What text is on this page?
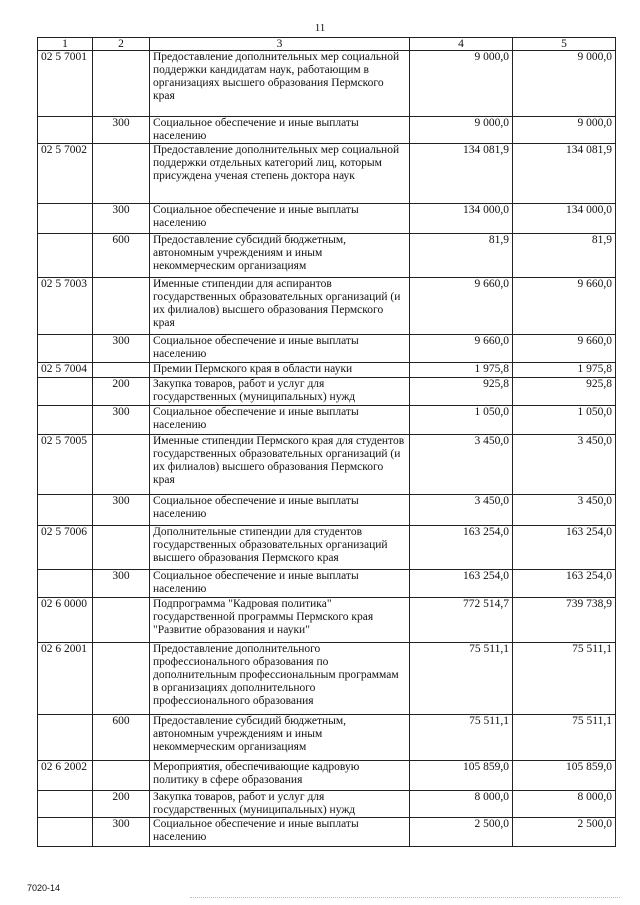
11
1	2	3	4	5
02 5 7001		Предоставление дополнительных мер социальной поддержки кандидатам наук, работающим в организациях высшего образования Пермского края	9 000,0	9 000,0
	300	Социальное обеспечение и иные выплаты населению	9 000,0	9 000,0
02 5 7002		Предоставление дополнительных мер социальной поддержки отдельных категорий лиц, которым присуждена ученая степень доктора наук	134 081,9	134 081,9
	300	Социальное обеспечение и иные выплаты населению	134 000,0	134 000,0
	600	Предоставление субсидий бюджетным, автономным учреждениям и иным некоммерческим организациям	81,9	81,9
02 5 7003		Именные стипендии для аспирантов государственных образовательных организаций (и их филиалов) высшего образования Пермского края	9 660,0	9 660,0
	300	Социальное обеспечение и иные выплаты населению	9 660,0	9 660,0
02 5 7004		Премии Пермского края в области науки	1 975,8	1 975,8
	200	Закупка товаров, работ и услуг для государственных (муниципальных) нужд	925,8	925,8
	300	Социальное обеспечение и иные выплаты населению	1 050,0	1 050,0
02 5 7005		Именные стипендии Пермского края для студентов государственных образовательных организаций (и их филиалов) высшего образования Пермского края	3 450,0	3 450,0
	300	Социальное обеспечение и иные выплаты населению	3 450,0	3 450,0
02 5 7006		Дополнительные стипендии для студентов государственных образовательных организаций высшего образования Пермского края	163 254,0	163 254,0
	300	Социальное обеспечение и иные выплаты населению	163 254,0	163 254,0
02 6 0000		Подпрограмма "Кадровая политика" государственной программы Пермского края "Развитие образования и науки"	772 514,7	739 738,9
02 6 2001		Предоставление дополнительного профессионального образования по дополнительным профессиональным программам в организациях дополнительного профессионального образования	75 511,1	75 511,1
	600	Предоставление субсидий бюджетным, автономным учреждениям и иным некоммерческим организациям	75 511,1	75 511,1
02 6 2002		Мероприятия, обеспечивающие кадровую политику в сфере образования	105 859,0	105 859,0
	200	Закупка товаров, работ и услуг для государственных (муниципальных) нужд	8 000,0	8 000,0
	300	Социальное обеспечение и иные выплаты населению	2 500,0	2 500,0
7020-14
